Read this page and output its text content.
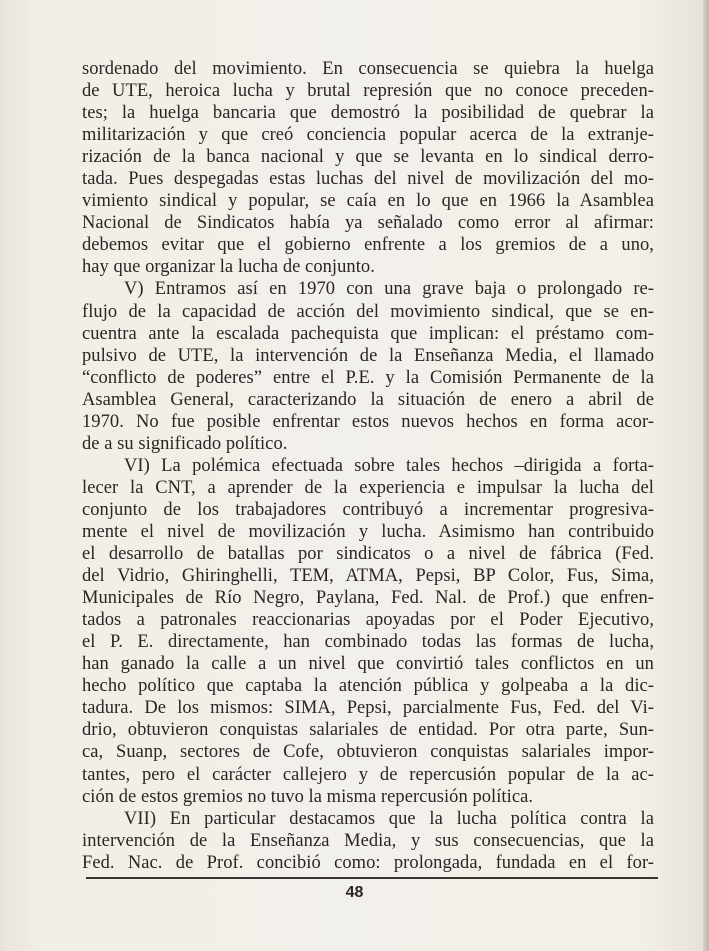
sordenado del movimiento. En consecuencia se quiebra la huelga
de UTE, heroica lucha y brutal represión que no conoce preceden-
tes; la huelga bancaria que demostró la posibilidad de quebrar la
militarización y que creó conciencia popular acerca de la extranje-
rización de la banca nacional y que se levanta en lo sindical derro-
tada. Pues despegadas estas luchas del nivel de movilización del mo-
vimiento sindical y popular, se caía en lo que en 1966 la Asamblea
Nacional de Sindicatos había ya señalado como error al afirmar:
debemos evitar que el gobierno enfrente a los gremios de a uno,
hay que organizar la lucha de conjunto.
V) Entramos así en 1970 con una grave baja o prolongado re-
flujo de la capacidad de acción del movimiento sindical, que se en-
cuentra ante la escalada pachequista que implican: el préstamo com-
pulsivo de UTE, la intervención de la Enseñanza Media, el llamado
“conflicto de poderes” entre el P.E. y la Comisión Permanente de la
Asamblea General, caracterizando la situación de enero a abril de
1970. No fue posible enfrentar estos nuevos hechos en forma acor-
de a su significado político.
VI) La polémica efectuada sobre tales hechos –dirigida a forta-
lecer la CNT, a aprender de la experiencia e impulsar la lucha del
conjunto de los trabajadores contribuyó a incrementar progresiva-
mente el nivel de movilización y lucha. Asimismo han contribuido
el desarrollo de batallas por sindicatos o a nivel de fábrica (Fed.
del Vidrio, Ghiringhelli, TEM, ATMA, Pepsi, BP Color, Fus, Sima,
Municipales de Río Negro, Paylana, Fed. Nal. de Prof.) que enfren-
tados a patronales reaccionarias apoyadas por el Poder Ejecutivo,
el P. E. directamente, han combinado todas las formas de lucha,
han ganado la calle a un nivel que convirtió tales conflictos en un
hecho político que captaba la atención pública y golpeaba a la dic-
tadura. De los mismos: SIMA, Pepsi, parcialmente Fus, Fed. del Vi-
drio, obtuvieron conquistas salariales de entidad. Por otra parte, Sun-
ca, Suanp, sectores de Cofe, obtuvieron conquistas salariales impor-
tantes, pero el carácter callejero y de repercusión popular de la ac-
ción de estos gremios no tuvo la misma repercusión política.
VII) En particular destacamos que la lucha política contra la
intervención de la Enseñanza Media, y sus consecuencias, que la
Fed. Nac. de Prof. concibió como: prolongada, fundada en el for-
48
